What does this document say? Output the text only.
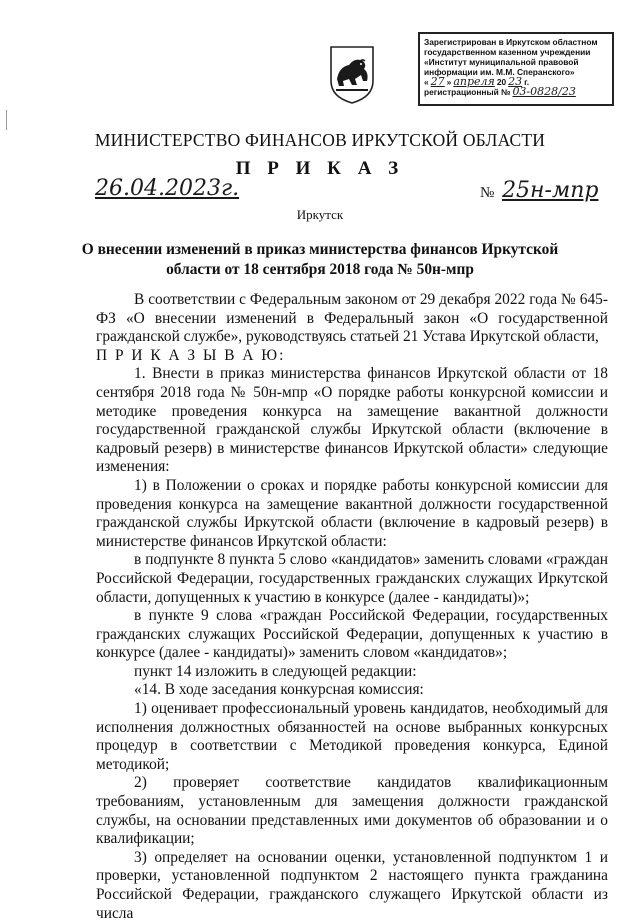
Зарегистрирован в Иркутском областном
государственном казенном учреждении
«Институт муниципальной правовой
информации им. М.М. Сперанского»
« 27 » апреля 20 23 г.
регистрационный № 03-0828/23
МИНИСТЕРСТВО ФИНАНСОВ ИРКУТСКОЙ ОБЛАСТИ
П Р И К А З
26.04.2023г.	№ 25н-мпр
Иркутск
О внесении изменений в приказ министерства финансов Иркутской области от 18 сентября 2018 года № 50н-мпр

В соответствии с Федеральным законом от 29 декабря 2022 года № 645-ФЗ «О внесении изменений в Федеральный закон «О государственной гражданской службе», руководствуясь статьей 21 Устава Иркутской области,

П Р И К А З Ы В А Ю:

1. Внести в приказ министерства финансов Иркутской области от 18 сентября 2018 года № 50н-мпр «О порядке работы конкурсной комиссии и методике проведения конкурса на замещение вакантной должности государственной гражданской службы Иркутской области (включение в кадровый резерв) в министерстве финансов Иркутской области» следующие изменения:

1) в Положении о сроках и порядке работы конкурсной комиссии для проведения конкурса на замещение вакантной должности государственной гражданской службы Иркутской области (включение в кадровый резерв) в министерстве финансов Иркутской области:

в подпункте 8 пункта 5 слово «кандидатов» заменить словами «граждан Российской Федерации, государственных гражданских служащих Иркутской области, допущенных к участию в конкурсе (далее - кандидаты)»;

в пункте 9 слова «граждан Российской Федерации, государственных гражданских служащих Российской Федерации, допущенных к участию в конкурсе (далее - кандидаты)» заменить словом «кандидатов»;

пункт 14 изложить в следующей редакции:

«14. В ходе заседания конкурсная комиссия:

1) оценивает профессиональный уровень кандидатов, необходимый для исполнения должностных обязанностей на основе выбранных конкурсных процедур в соответствии с Методикой проведения конкурса, Единой методикой;

2) проверяет соответствие кандидатов квалификационным требованиям, установленным для замещения должности гражданской службы, на основании представленных ими документов об образовании и о квалификации;

3) определяет на основании оценки, установленной подпунктом 1 и проверки, установленной подпунктом 2 настоящего пункта гражданина Российской Федерации, гражданского служащего Иркутской области из числа
